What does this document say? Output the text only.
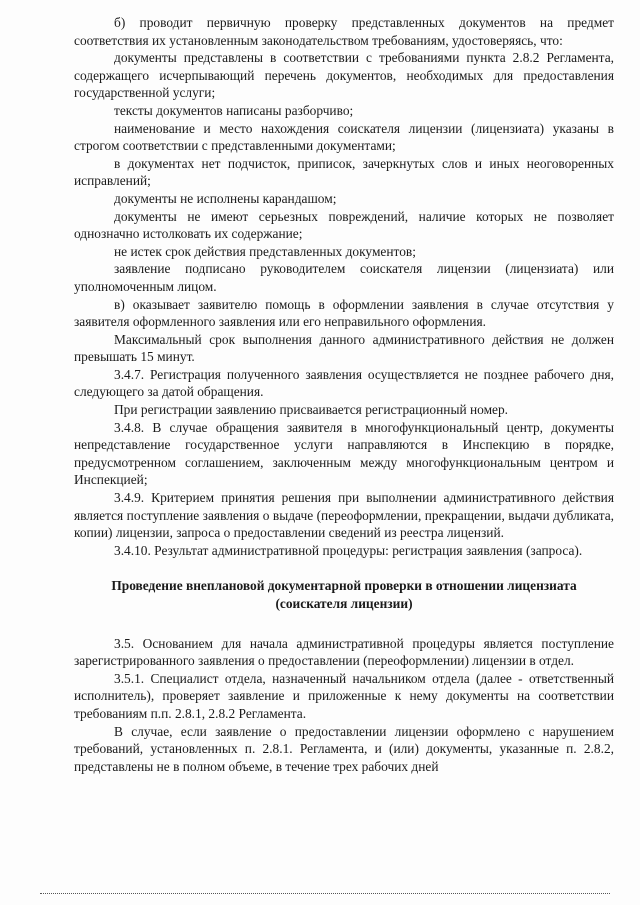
б) проводит первичную проверку представленных документов на предмет соответствия их установленным законодательством требованиям, удостоверяясь, что:

документы представлены в соответствии с требованиями пункта 2.8.2 Регламента, содержащего исчерпывающий перечень документов, необходимых для предоставления государственной услуги;

тексты документов написаны разборчиво;

наименование и место нахождения соискателя лицензии (лицензиата) указаны в строгом соответствии с представленными документами;

в документах нет подчисток, приписок, зачеркнутых слов и иных неоговоренных исправлений;

документы не исполнены карандашом;

документы не имеют серьезных повреждений, наличие которых не позволяет однозначно истолковать их содержание;

не истек срок действия представленных документов;

заявление подписано руководителем соискателя лицензии (лицензиата) или уполномоченным лицом.

в) оказывает заявителю помощь в оформлении заявления в случае отсутствия у заявителя оформленного заявления или его неправильного оформления.

Максимальный срок выполнения данного административного действия не должен превышать 15 минут.

3.4.7. Регистрация полученного заявления осуществляется не позднее рабочего дня, следующего за датой обращения.

При регистрации заявлению присваивается регистрационный номер.

3.4.8. В случае обращения заявителя в многофункциональный центр, документы непредставление государственное услуги направляются в Инспекцию в порядке, предусмотренном соглашением, заключенным между многофункциональным центром и Инспекцией;

3.4.9. Критерием принятия решения при выполнении административного действия является поступление заявления о выдаче (переоформлении, прекращении, выдачи дубликата, копии) лицензии, запроса о предоставлении сведений из реестра лицензий.

3.4.10. Результат административной процедуры: регистрация заявления (запроса).

Проведение внеплановой документарной проверки в отношении лицензиата
(соискателя лицензии)

3.5. Основанием для начала административной процедуры является поступление зарегистрированного заявления о предоставлении (переоформлении) лицензии в отдел.

3.5.1. Специалист отдела, назначенный начальником отдела (далее - ответственный исполнитель), проверяет заявление и приложенные к нему документы на соответствии требованиям п.п. 2.8.1, 2.8.2 Регламента.

В случае, если заявление о предоставлении лицензии оформлено с нарушением требований, установленных п. 2.8.1. Регламента, и (или) документы, указанные п. 2.8.2, представлены не в полном объеме, в течение трех рабочих дней
